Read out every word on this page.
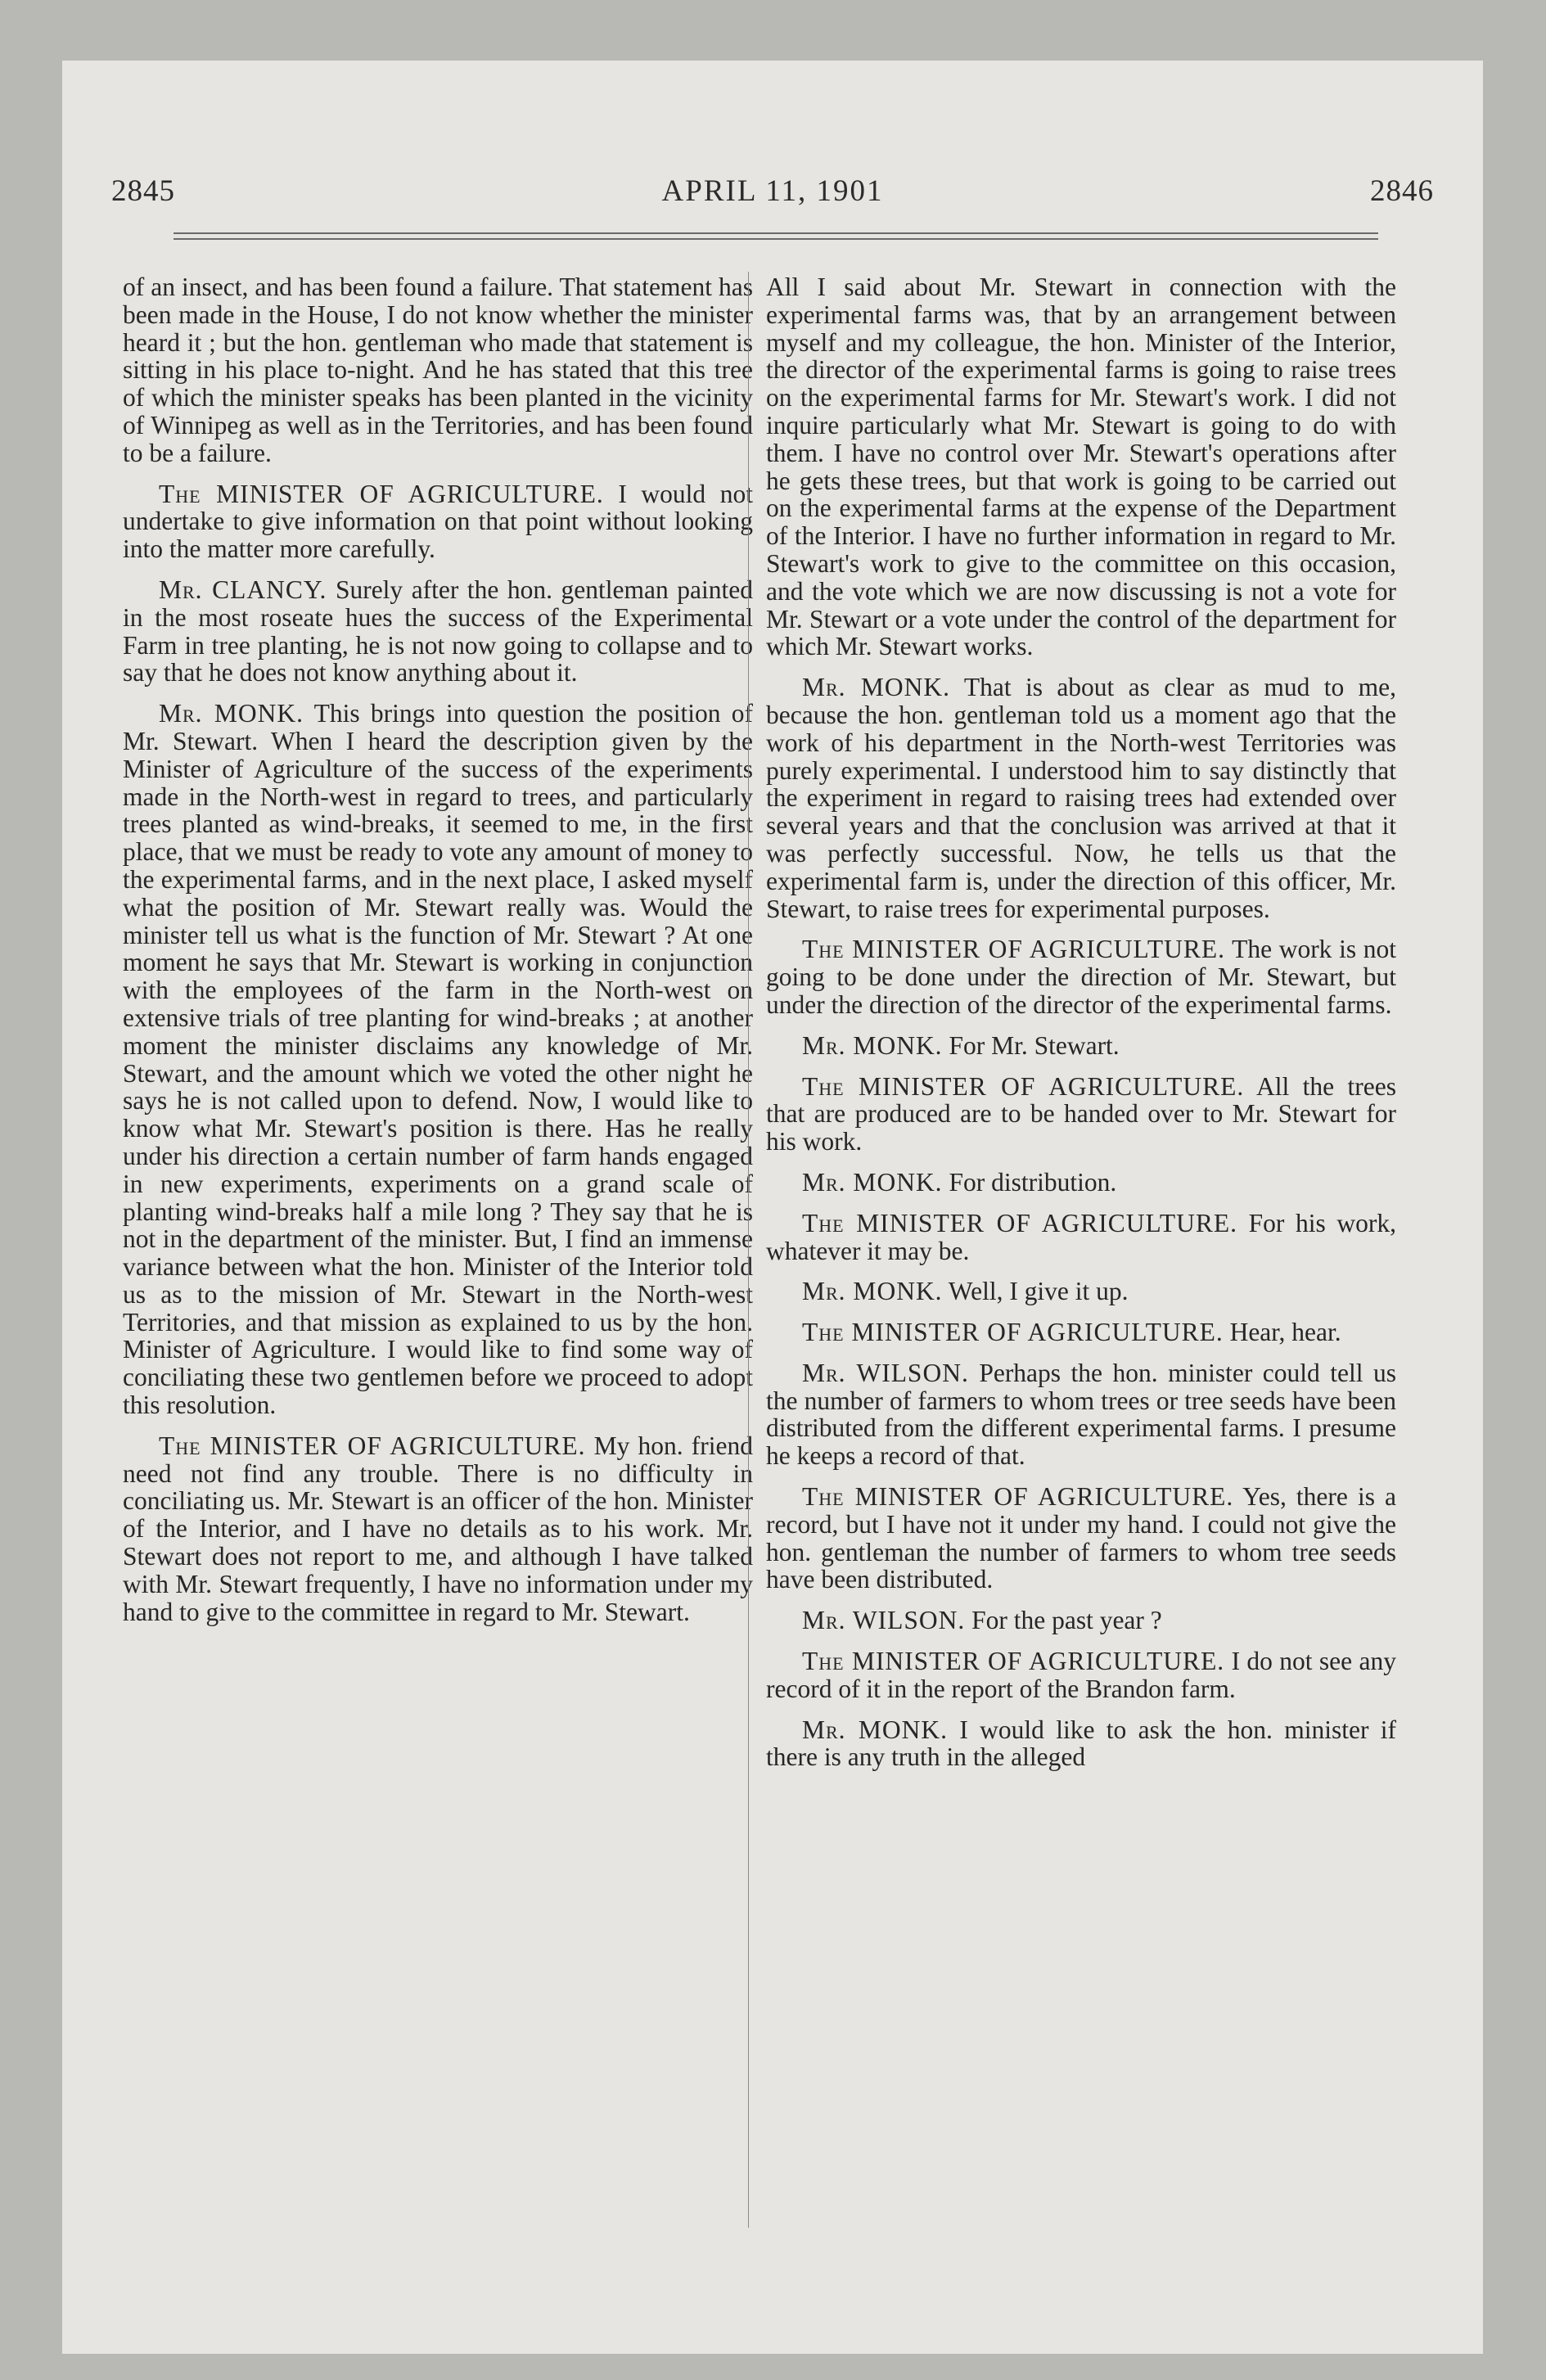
2845	APRIL 11, 1901	2846

of an insect, and has been found a failure. That statement has been made in the House, I do not know whether the minister heard it ; but the hon. gentleman who made that statement is sitting in his place to-night. And he has stated that this tree of which the minister speaks has been planted in the vicinity of Winnipeg as well as in the Territories, and has been found to be a failure.

The MINISTER OF AGRICULTURE. I would not undertake to give information on that point without looking into the matter more carefully.

Mr. CLANCY. Surely after the hon. gentleman painted in the most roseate hues the success of the Experimental Farm in tree planting, he is not now going to collapse and to say that he does not know anything about it.

Mr. MONK. This brings into question the position of Mr. Stewart. When I heard the description given by the Minister of Agriculture of the success of the experiments made in the North-west in regard to trees, and particularly trees planted as wind-breaks, it seemed to me, in the first place, that we must be ready to vote any amount of money to the experimental farms, and in the next place, I asked myself what the position of Mr. Stewart really was. Would the minister tell us what is the function of Mr. Stewart ? At one moment he says that Mr. Stewart is working in conjunction with the employees of the farm in the North-west on extensive trials of tree planting for wind-breaks ; at another moment the minister disclaims any knowledge of Mr. Stewart, and the amount which we voted the other night he says he is not called upon to defend. Now, I would like to know what Mr. Stewart's position is there. Has he really under his direction a certain number of farm hands engaged in new experiments, experiments on a grand scale of planting wind-breaks half a mile long ? They say that he is not in the department of the minister. But, I find an immense variance between what the hon. Minister of the Interior told us as to the mission of Mr. Stewart in the North-west Territories, and that mission as explained to us by the hon. Minister of Agriculture. I would like to find some way of conciliating these two gentlemen before we proceed to adopt this resolution.

The MINISTER OF AGRICULTURE. My hon. friend need not find any trouble. There is no difficulty in conciliating us. Mr. Stewart is an officer of the hon. Minister of the Interior, and I have no details as to his work. Mr. Stewart does not report to me, and although I have talked with Mr. Stewart frequently, I have no information under my hand to give to the committee in regard to Mr. Stewart.

All I said about Mr. Stewart in connection with the experimental farms was, that by an arrangement between myself and my colleague, the hon. Minister of the Interior, the director of the experimental farms is going to raise trees on the experimental farms for Mr. Stewart's work. I did not inquire particularly what Mr. Stewart is going to do with them. I have no control over Mr. Stewart's operations after he gets these trees, but that work is going to be carried out on the experimental farms at the expense of the Department of the Interior. I have no further information in regard to Mr. Stewart's work to give to the committee on this occasion, and the vote which we are now discussing is not a vote for Mr. Stewart or a vote under the control of the department for which Mr. Stewart works.

Mr. MONK. That is about as clear as mud to me, because the hon. gentleman told us a moment ago that the work of his department in the North-west Territories was purely experimental. I understood him to say distinctly that the experiment in regard to raising trees had extended over several years and that the conclusion was arrived at that it was perfectly successful. Now, he tells us that the experimental farm is, under the direction of this officer, Mr. Stewart, to raise trees for experimental purposes.

The MINISTER OF AGRICULTURE. The work is not going to be done under the direction of Mr. Stewart, but under the direction of the director of the experimental farms.

Mr. MONK. For Mr. Stewart.

The MINISTER OF AGRICULTURE. All the trees that are produced are to be handed over to Mr. Stewart for his work.

Mr. MONK. For distribution.

The MINISTER OF AGRICULTURE. For his work, whatever it may be.

Mr. MONK. Well, I give it up.

The MINISTER OF AGRICULTURE. Hear, hear.

Mr. WILSON. Perhaps the hon. minister could tell us the number of farmers to whom trees or tree seeds have been distributed from the different experimental farms. I presume he keeps a record of that.

The MINISTER OF AGRICULTURE. Yes, there is a record, but I have not it under my hand. I could not give the hon. gentleman the number of farmers to whom tree seeds have been distributed.

Mr. WILSON. For the past year ?

The MINISTER OF AGRICULTURE. I do not see any record of it in the report of the Brandon farm.

Mr. MONK. I would like to ask the hon. minister if there is any truth in the alleged
